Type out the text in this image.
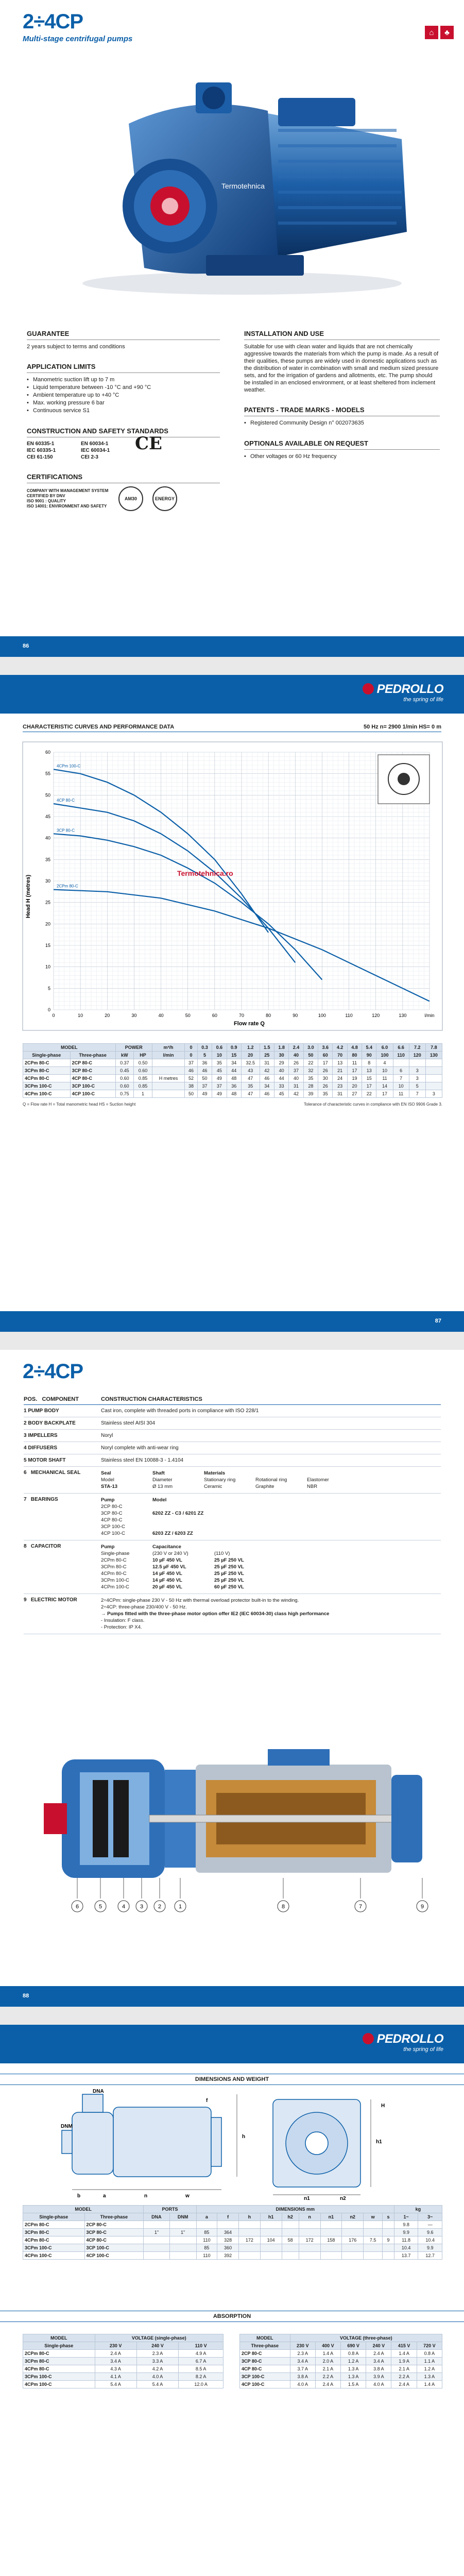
2÷4CP
Multi-stage centrifugal pumps
⌂	♣
Termotehnica
GUARANTEE
2 years subject to terms and conditions
APPLICATION LIMITS
• Manometric suction lift up to 7 m
• Liquid temperature between -10 °C and +90 °C
• Ambient temperature up to +40 °C
• Max. working pressure 6 bar
• Continuous service S1
CONSTRUCTION AND SAFETY STANDARDS
EN 60335-1
IEC 60335-1
CEI 61-150
EN 60034-1
IEC 60034-1
CEI 2-3
CE
CERTIFICATIONS
COMPANY WITH MANAGEMENT SYSTEM
CERTIFIED BY DNV
ISO 9001 : QUALITY
ISO 14001: ENVIRONMENT AND SAFETY
AM30	ENERGY
INSTALLATION AND USE
Suitable for use with clean water and liquids that are not chemically aggressive towards the materials from which the pump is made. As a result of their qualities, these pumps are widely used in domestic applications such as the distribution of water in combination with small and medium sized pressure sets, and for the irrigation of gardens and allotments, etc. The pump should be installed in an enclosed environment, or at least sheltered from inclement weather.
PATENTS - TRADE MARKS - MODELS
• Registered Community Design n° 002073635
OPTIONALS AVAILABLE ON REQUEST
• Other voltages or 60 Hz frequency
86
PEDROLLO
the spring of life
CHARACTERISTIC CURVES AND PERFORMANCE DATA	50 Hz n= 2900 1/min HS= 0 m
0
5
10
15
20
25
30
35
40
45
50
55
60
0	10	20	30	40	50	60	70	80	90	100	110	120	130	l/min
4CPm 100-C
4CP 80-C
3CP 80-C
2CPm 80-C
Head H (metres)
Flow rate Q
Termotehnica.ro
MODEL		POWER		m³/h	0	0.3	0.6	0.9	1.2	1.5	1.8	2.4	3.0	3.6	4.2	4.8	5.4	6.0	6.6	7.2	7.8
Single-phase	Three-phase	kW	HP	l/min	0	5	10	15	20	25	30	40	50	60	70	80	90	100	110	120	130
2CPm 80-C	2CP 80-C	0.37	0.50		37	36	35	34	32.5	31	29	26	22	17	13	11	8	4			
3CPm 80-C	3CP 80-C	0.45	0.60		46	46	45	44	43	42	40	37	32	26	21	17	13	10	6	3	
4CPm 80-C	4CP 80-C	0.60	0.85	H metres	52	50	49	48	47	46	44	40	35	30	24	19	15	11	7	3	
3CPm 100-C	3CP 100-C	0.60	0.85		38	37	37	36	35	34	33	31	28	26	23	20	17	14	10	5	
4CPm 100-C	4CP 100-C	0.75	1		50	49	49	48	47	46	45	42	39	35	31	27	22	17	11	7	3
Q = Flow rate H = Total manometric head HS = Suction height	Tolerance of characteristic curves in compliance with EN ISO 9906 Grade 3.
87
2÷4CP
POS. COMPONENT	CONSTRUCTION CHARACTERISTICS
1 PUMP BODY	Cast iron, complete with threaded ports in compliance with ISO 228/1
2 BODY BACKPLATE	Stainless steel AISI 304
3 IMPELLERS	Noryl
4 DIFFUSERS	Noryl complete with anti-wear ring
5 MOTOR SHAFT	Stainless steel EN 10088-3 - 1.4104
6 MECHANICAL SEAL	Seal	Shaft	Materials
Model	Diameter	Stationary ring	Rotational ring	Elastomer
STA-13	Ø 13 mm	Ceramic	Graphite	NBR
7 BEARINGS	Pump	Model
2CP 80-C
3CP 80-C	6202 ZZ - C3 / 6201 ZZ
4CP 80-C
3CP 100-C
4CP 100-C	6203 ZZ / 6203 ZZ
8 CAPACITOR	Pump	Capacitance
Single-phase	(230 V or 240 V)	(110 V)
2CPm 80-C	10 µF 450 VL	25 µF 250 VL
3CPm 80-C	12.5 µF 450 VL	25 µF 250 VL
4CPm 80-C	14 µF 450 VL	25 µF 250 VL
3CPm 100-C	14 µF 450 VL	25 µF 250 VL
4CPm 100-C	20 µF 450 VL	60 µF 250 VL
9 ELECTRIC MOTOR	2÷4CPm: single-phase 230 V - 50 Hz with thermal overload protector built-in to the winding.
2÷4CP: three-phase 230/400 V - 50 Hz.
→ Pumps fitted with the three-phase motor option offer IE2 (IEC 60034-30) class high performance
- Insulation: F class.
- Protection: IP X4.
6	5	4	3	2	1	8	7	9
88
PEDROLLO
the spring of life
DIMENSIONS AND WEIGHT
DNA
DNM
h
h1
n	n1	n2
w
a
f
b
H
MODEL		PORTS		DIMENSIONS mm										kg	
Single-phase	Three-phase	DNA	DNM	a	f	h	h1	h2	n	n1	n2	w	s	1~	3~
2CPm 80-C	2CP 80-C													9.8	—
3CPm 80-C	3CP 80-C	1"	1"	85	364									9.9	9.6
4CPm 80-C	4CP 80-C			110	328	172	104	58	172	158	176	7.5	9	11.8	10.4
3CPm 100-C	3CP 100-C			85	360									10.4	9.9
4CPm 100-C	4CP 100-C			110	392									13.7	12.7
ABSORPTION
MODEL	VOLTAGE (single-phase)		
Single-phase	230 V	240 V	110 V
2CPm 80-C	2.4 A	2.3 A	4.9 A
3CPm 80-C	3.4 A	3.3 A	6.7 A
4CPm 80-C	4.3 A	4.2 A	8.5 A
3CPm 100-C	4.1 A	4.0 A	8.2 A
4CPm 100-C	5.4 A	5.4 A	12.0 A
MODEL	VOLTAGE (three-phase)					
Three-phase	230 V	400 V	690 V	240 V	415 V	720 V
2CP 80-C	2.3 A	1.4 A	0.8 A	2.4 A	1.4 A	0.8 A
3CP 80-C	3.4 A	2.0 A	1.2 A	3.4 A	1.9 A	1.1 A
4CP 80-C	3.7 A	2.1 A	1.3 A	3.8 A	2.1 A	1.2 A
3CP 100-C	3.8 A	2.2 A	1.3 A	3.9 A	2.2 A	1.3 A
4CP 100-C	4.0 A	2.4 A	1.5 A	4.0 A	2.4 A	1.4 A
